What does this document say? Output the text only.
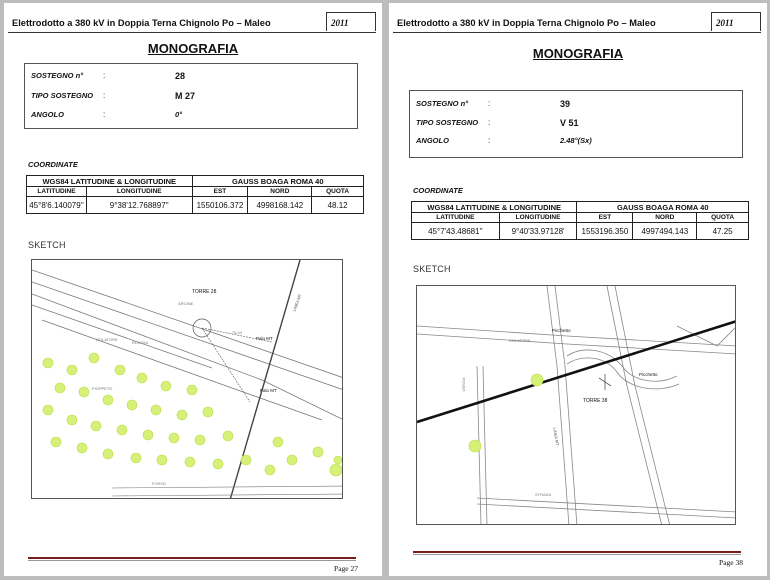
Elettrodotto a 380 kV in Doppia Terna Chignolo Po – Maleo	2011
MONOGRAFIA
SOSTEGNO n° :	28
TIPO SOSTEGNO :	M 27
ANGOLO	:	0°
COORDINATE
WGS84 LATITUDINE & LONGITUDINE		GAUSS BOAGA ROMA 40		
LATITUDINE	LONGITUDINE	EST	NORD	QUOTA
45°8'6.140079''	9°38'12.768897''	1550106.372	4998168.142	48.12
SKETCH
TORRE 28
Palo MT
Palo MT
LINEA MT
ARGINE
COLATORE
PIOPPETO
ROGGIA
FOSSO
75.44
Page 27
Elettrodotto a 380 kV in Doppia Terna Chignolo Po – Maleo	2011
MONOGRAFIA
SOSTEGNO n° :	39
TIPO SOSTEGNO :	V 51
ANGOLO	:	2.48°(Sx)
COORDINATE
WGS84 LATITUDINE & LONGITUDINE		GAUSS BOAGA ROMA 40		
LATITUDINE	LONGITUDINE	EST	NORD	QUOTA
45°7'43.48681''	9°40'33.97128'	1553196.350	4997494.143	47.25
SKETCH
Picchetto
Picchetto
TORRE 38
LINEA MT
COLATORE
STRADA
FOSSO
Page 38
